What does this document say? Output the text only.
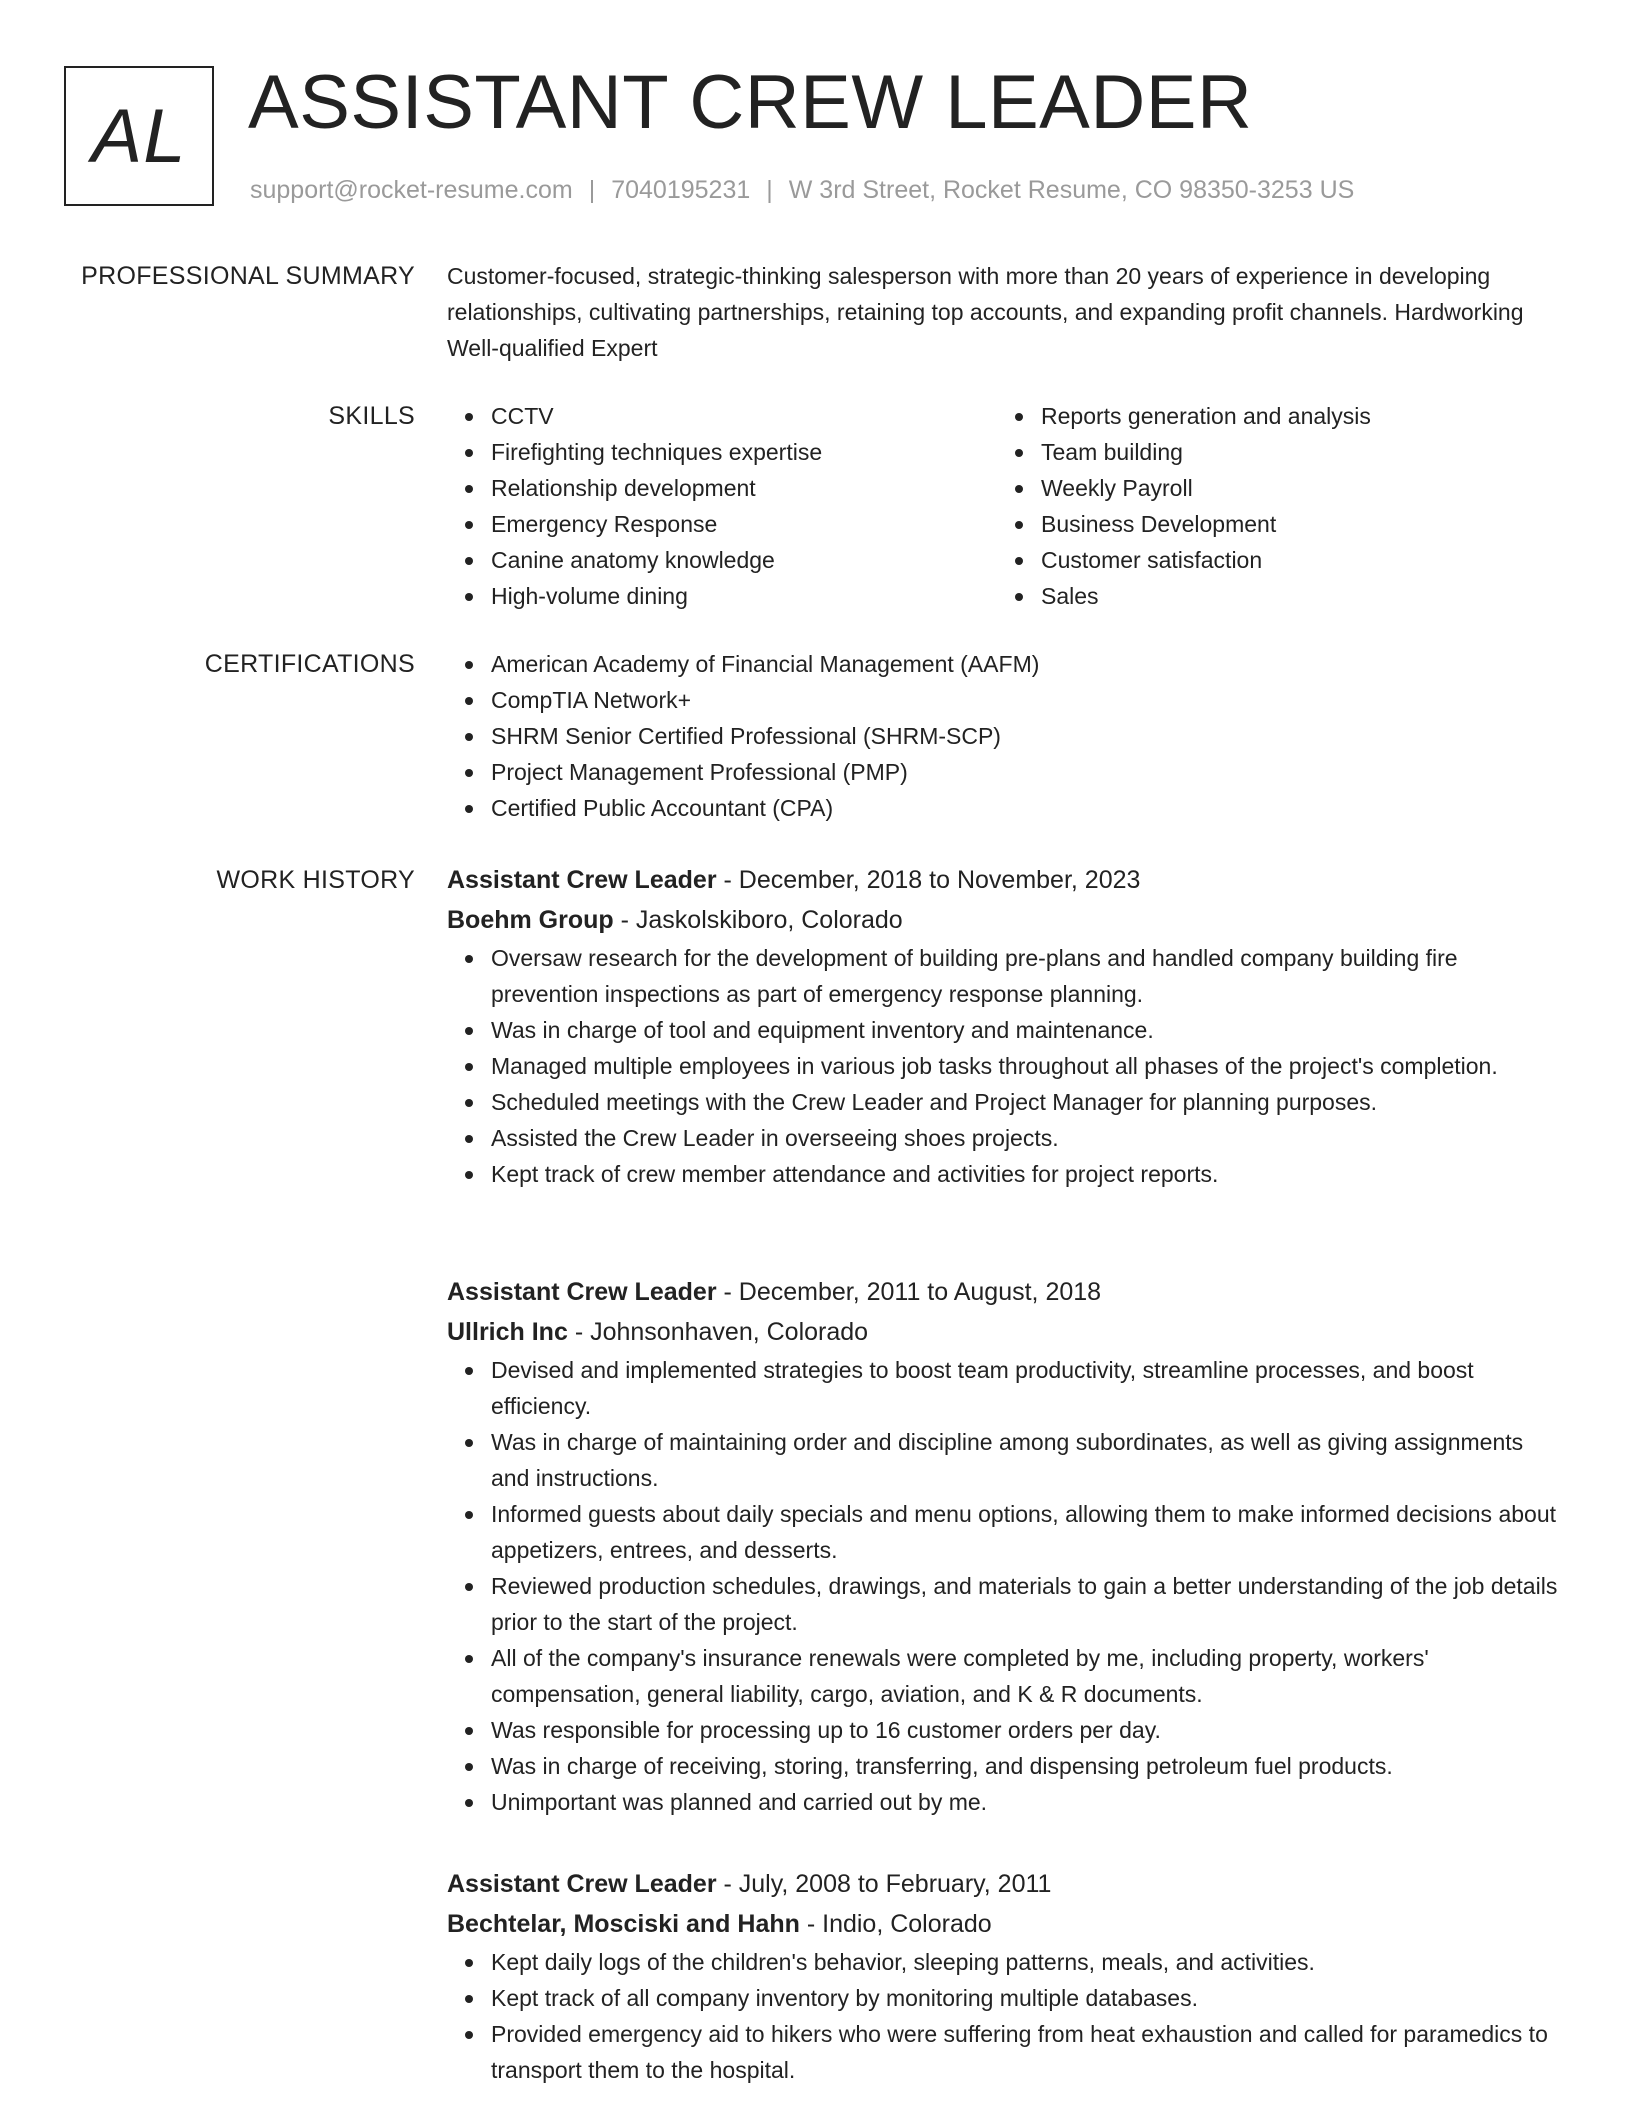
AL ASSISTANT CREW LEADER
support@rocket-resume.com | 7040195231 | W 3rd Street, Rocket Resume, CO 98350-3253 US
PROFESSIONAL SUMMARY Customer-focused, strategic-thinking salesperson with more than 20 years of experience in developing relationships, cultivating partnerships, retaining top accounts, and expanding profit channels. Hardworking Well-qualified Expert

SKILLS	CCTV
Firefighting techniques expertise
Relationship development
Emergency Response
Canine anatomy knowledge
High-volume dining
Reports generation and analysis
Team building
Weekly Payroll
Business Development
Customer satisfaction
Sales
CERTIFICATIONS	American Academy of Financial Management (AAFM)
CompTIA Network+
SHRM Senior Certified Professional (SHRM-SCP)
Project Management Professional (PMP)
Certified Public Accountant (CPA)
WORK HISTORY Assistant Crew Leader - December, 2018 to November, 2023
Boehm Group - Jaskolskiboro, Colorado
Oversaw research for the development of building pre-plans and handled company building fire prevention inspections as part of emergency response planning.
Was in charge of tool and equipment inventory and maintenance.
Managed multiple employees in various job tasks throughout all phases of the project's completion.
Scheduled meetings with the Crew Leader and Project Manager for planning purposes.
Assisted the Crew Leader in overseeing shoes projects.
Kept track of crew member attendance and activities for project reports.
Assistant Crew Leader - December, 2011 to August, 2018
Ullrich Inc - Johnsonhaven, Colorado
Devised and implemented strategies to boost team productivity, streamline processes, and boost efficiency.
Was in charge of maintaining order and discipline among subordinates, as well as giving assignments and instructions.
Informed guests about daily specials and menu options, allowing them to make informed decisions about appetizers, entrees, and desserts.
Reviewed production schedules, drawings, and materials to gain a better understanding of the job details prior to the start of the project.
All of the company's insurance renewals were completed by me, including property, workers' compensation, general liability, cargo, aviation, and K & R documents.
Was responsible for processing up to 16 customer orders per day.
Was in charge of receiving, storing, transferring, and dispensing petroleum fuel products.
Unimportant was planned and carried out by me.
Assistant Crew Leader - July, 2008 to February, 2011
Bechtelar, Mosciski and Hahn - Indio, Colorado
Kept daily logs of the children's behavior, sleeping patterns, meals, and activities.
Kept track of all company inventory by monitoring multiple databases.
Provided emergency aid to hikers who were suffering from heat exhaustion and called for paramedics to transport them to the hospital.
